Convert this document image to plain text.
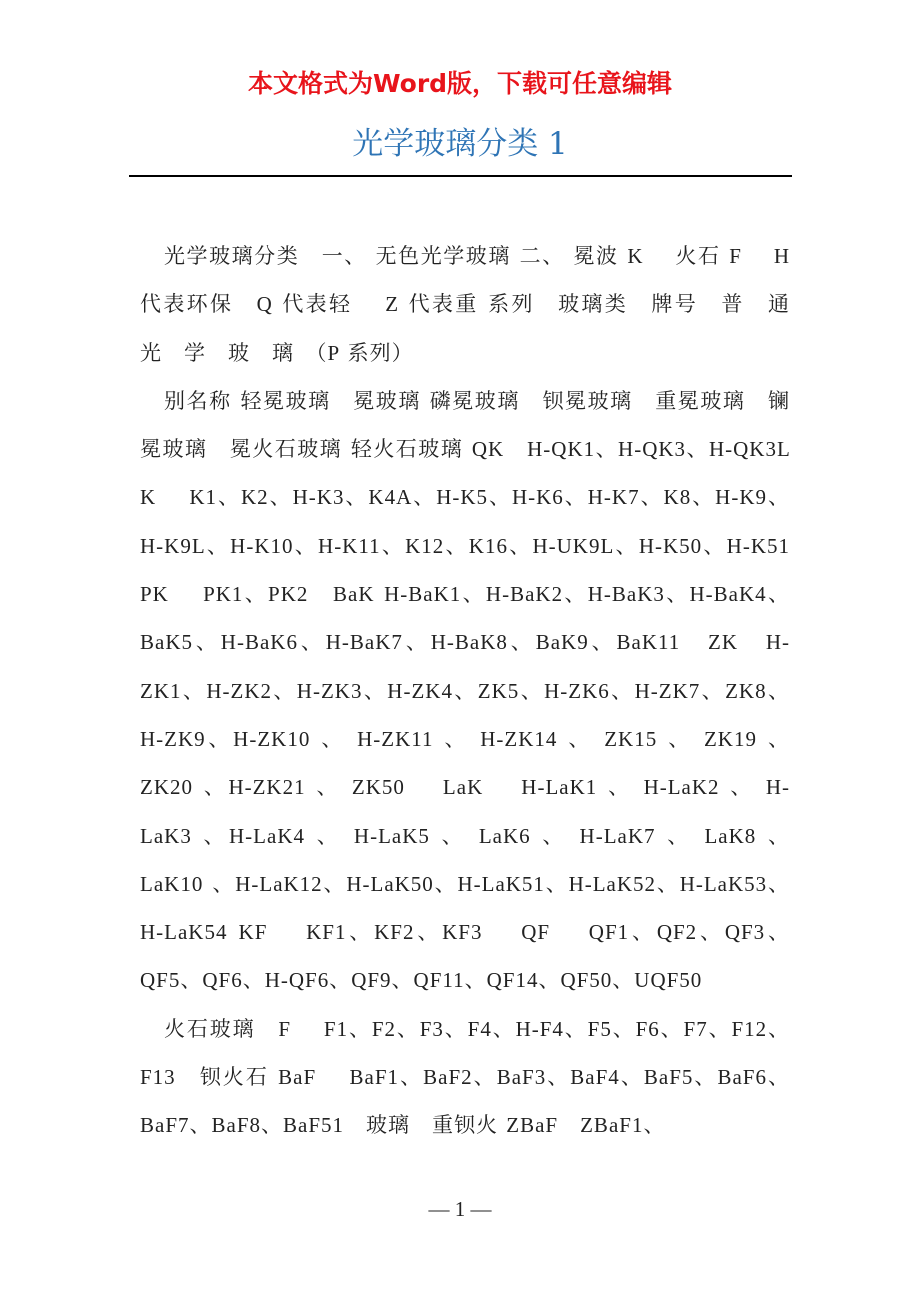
本文格式为Word版，下载可任意编辑
光学玻璃分类 1

光学玻璃分类　一、 无色光学玻璃 二、 冕波 K　 火石 F　 H　代表环保　Q 代表轻　 Z 代表重 系列　玻璃类　牌号　普　通　光　学　玻　璃　（P 系列）

别名称 轻冕玻璃　冕玻璃 磷冕玻璃　钡冕玻璃　重冕玻璃　镧冕玻璃　冕火石玻璃 轻火石玻璃 QK　H-QK1、H-QK3、H-QK3L　 K　 K1、K2、H-K3、K4A、H-K5、H-K6、H-K7、K8、H-K9、H-K9L、H-K10、H-K11、K12、K16、H-UK9L、H-K50、H-K51　 PK　 PK1、PK2　BaK H-BaK1、H-BaK2、H-BaK3、H-BaK4、BaK5、H-BaK6、H-BaK7、H-BaK8、BaK9、BaK11　ZK　H-ZK1、H-ZK2、H-ZK3、H-ZK4、ZK5、H-ZK6、H-ZK7、ZK8、H-ZK9、H-ZK10 、 H-ZK11 、 H-ZK14 、 ZK15 、 ZK19 、 ZK20 、H-ZK21 、 ZK50　 LaK　 H-LaK1 、 H-LaK2 、 H-LaK3 、H-LaK4 、 H-LaK5 、 LaK6 、 H-LaK7 、 LaK8 、 LaK10 、H-LaK12、H-LaK50、H-LaK51、H-LaK52、H-LaK53、H-LaK54 KF　 KF1、KF2、KF3　 QF　 QF1、QF2、QF3、QF5、QF6、H-QF6、QF9、QF11、QF14、QF50、UQF50

火石玻璃　F　 F1、F2、F3、F4、H-F4、F5、F6、F7、F12、F13　钡火石 BaF　 BaF1、BaF2、BaF3、BaF4、BaF5、BaF6、BaF7、BaF8、BaF51　玻璃　重钡火 ZBaF　ZBaF1、

— 1 —
